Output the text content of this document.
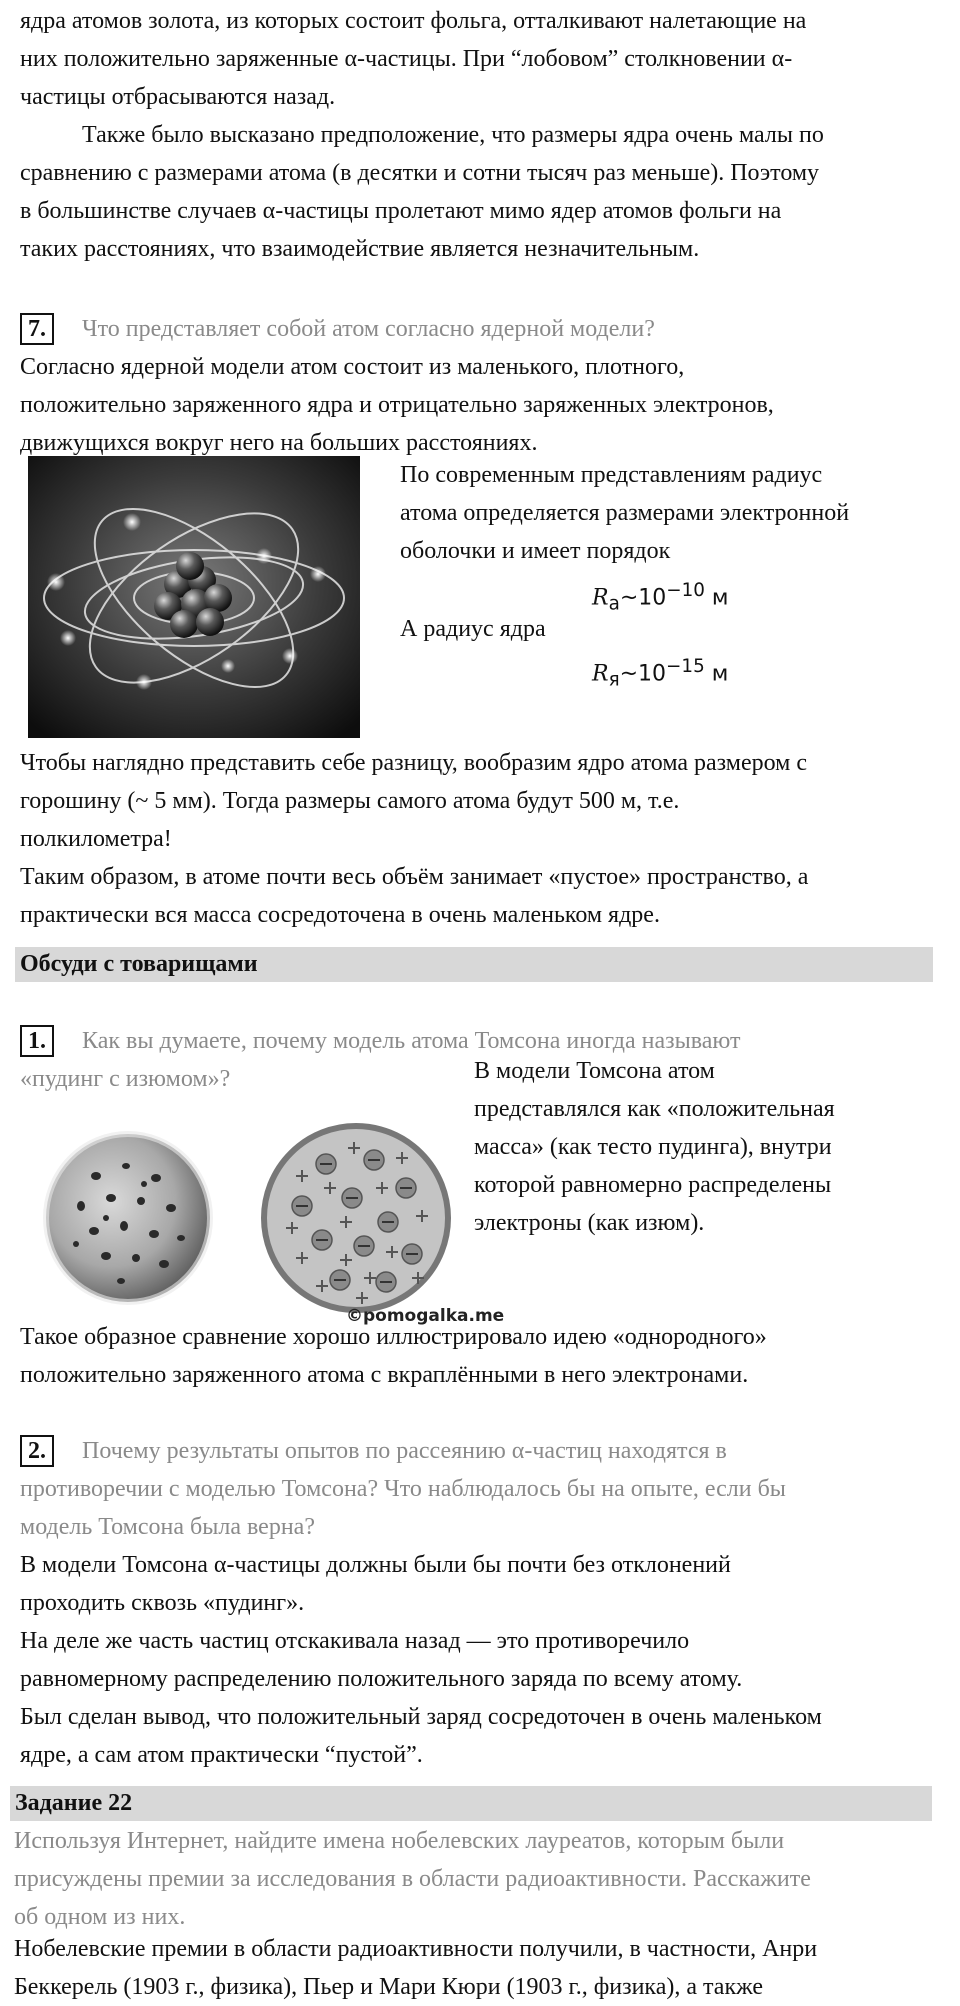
ядра атомов золота, из которых состоит фольга, отталкивают налетающие на
них положительно заряженные α-частицы. При “лобовом” столкновении α-
частицы отбрасываются назад.
Также было высказано предположение, что размеры ядра очень малы по
сравнению с размерами атома (в десятки и сотни тысяч раз меньше). Поэтому
в большинстве случаев α-частицы пролетают мимо ядер атомов фольги на
таких расстояниях, что взаимодействие является незначительным.
7. Что представляет собой атом согласно ядерной модели?
Согласно ядерной модели атом состоит из маленького, плотного,
положительно заряженного ядра и отрицательно заряженных электронов,
движущихся вокруг него на больших расстояниях.
По современным представлениям радиус
атома определяется размерами электронной
оболочки и имеет порядок
$R_а\sim 10^{-10}$ м
А радиус ядра
$R_я\sim 10^{-15}$ м
Чтобы наглядно представить себе разницу, вообразим ядро атома размером с
горошину (~ 5 мм). Тогда размеры самого атома будут 500 м, т.е.
полкилометра!
Таким образом, в атоме почти весь объём занимает «пустое» пространство, а
практически вся масса сосредоточена в очень маленьком ядре.
Обсуди с товарищами
1. Как вы думаете, почему модель атома Томсона иногда называют
«пудинг с изюмом»?	В модели Томсона атом
представлялся как «положительная
масса» (как тесто пудинга), внутри
которой равномерно распределены
электроны (как изюм).
©pomogalka.me
Такое образное сравнение хорошо иллюстрировало идею «однородного»
положительно заряженного атома с вкраплёнными в него электронами.
2. Почему результаты опытов по рассеянию α-частиц находятся в
противоречии с моделью Томсона? Что наблюдалось бы на опыте, если бы
модель Томсона была верна?
В модели Томсона α-частицы должны были бы почти без отклонений
проходить сквозь «пудинг».
На деле же часть частиц отскакивала назад — это противоречило
равномерному распределению положительного заряда по всему атому.
Был сделан вывод, что положительный заряд сосредоточен в очень маленьком
ядре, а сам атом практически “пустой”.
Задание 22
Используя Интернет, найдите имена нобелевских лауреатов, которым были
присуждены премии за исследования в области радиоактивности. Расскажите
об одном из них.
Нобелевские премии в области радиоактивности получили, в частности, Анри
Беккерель (1903 г., физика), Пьер и Мари Кюри (1903 г., физика), а также
